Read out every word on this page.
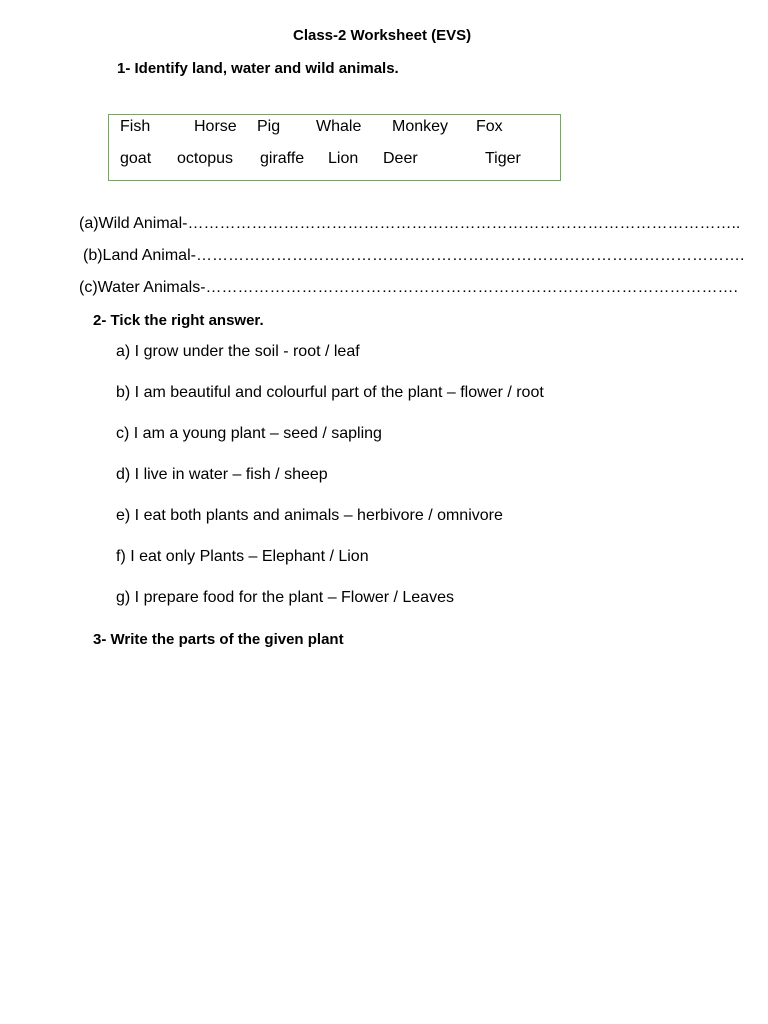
Class-2 Worksheet (EVS)
1- Identify land, water and wild animals.
Fish	Horse Pig Whale Monkey Fox
goat octopus giraffe Lion Deer	Tiger
(a)Wild Animal-…………………………………………………………………………………………..
(b)Land Animal-………………………………………………………………………………………….
(c)Water Animals-……………………………………………………………………………………….
2- Tick the right answer.
a) I grow under the soil - root / leaf
b) I am beautiful and colourful part of the plant – flower / root
c) I am a young plant – seed / sapling
d) I live in water – fish / sheep
e) I eat both plants and animals – herbivore / omnivore
f) I eat only Plants – Elephant / Lion
g) I prepare food for the plant – Flower / Leaves
3- Write the parts of the given plant
